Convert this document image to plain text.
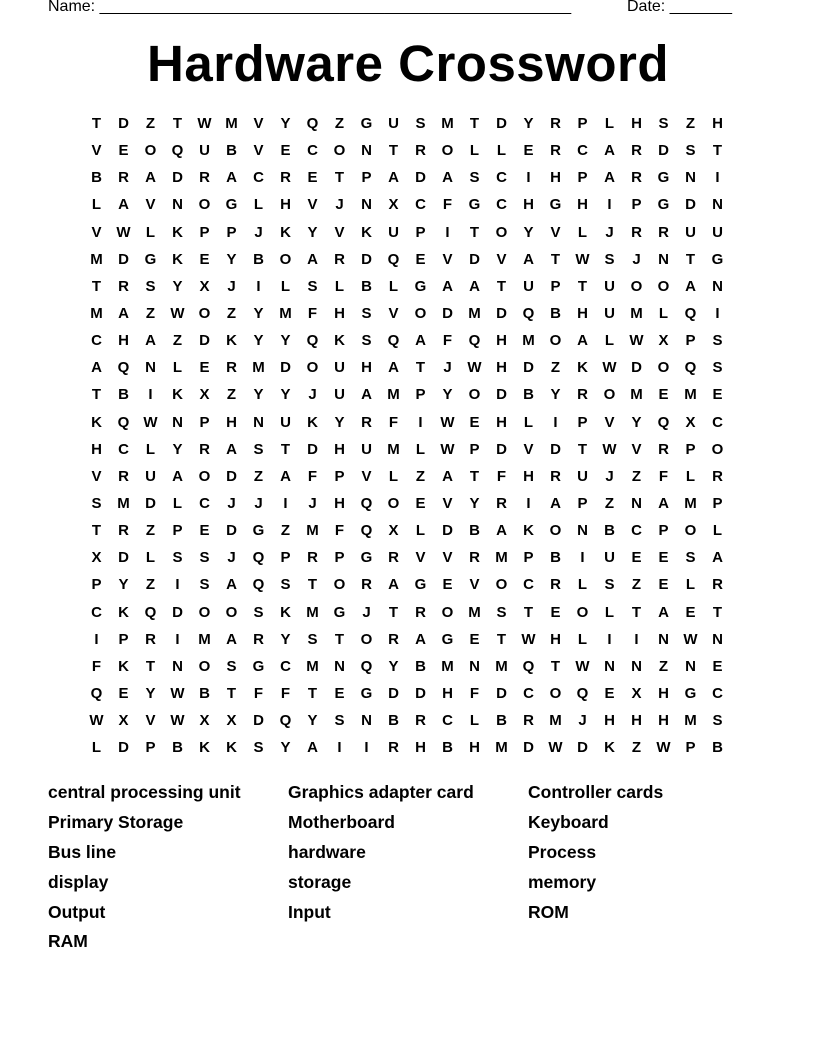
Name: _____________________________________________________	Date: _______
Hardware Crossword
T	D	Z	T	W M	V	Y	Q	Z	G	U	S	M	T	D	Y	R	P	L	H	S	Z	H
V	E	O	Q	U	B	V	E	C	O	N	T	R	O	L	L	E	R	C	A	R	D	S	T
B	R	A	D	R	A	C	R	E	T	P	A	D	A	S	C	I	H	P	A	R	G	N	I
L	A	V	N	O	G	L	H	V	J	N	X	C	F	G	C	H	G	H	I	P	G	D	N
V W	L	K	P	P	J	K	Y	V	K	U	P	I	T	O	Y	V	L	J	R	R	U	U
M	D	G	K	E	Y	B	O	A	R	D	Q	E	V	D	V	A	T	W S	J	N	T	G
T	R	S	Y	X	J	I	L	S	L	B	L	G	A	A	T	U	P	T	U	O	O	A	N
M	A	Z	W O	Z	Y	M	F	H	S	V	O	D	M	D	Q	B	H	U	M	L	Q	I
C	H	A	Z	D	K	Y	Y	Q	K	S	Q	A	F	Q	H	M O	A	L	W X	P	S
A	Q	N	L	E	R	M	D	O	U	H	A	T	J	W H	D	Z	K W D	O	Q	S
T	B	I	K	X	Z	Y	Y	J	U	A	M	P	Y	O	D	B	Y	R	O M	E	M	E
K	Q W N	P	H	N	U	K	Y	R	F	I	W E	H	L	I	P	V	Y	Q	X	C
H	C	L	Y	R	A	S	T	D	H	U	M	L	W P	D	V	D	T	W V	R	P	O
V	R	U	A	O	D	Z	A	F	P	V	L	Z	A	T	F	H	R	U	J	Z	F	L	R
S	M	D	L	C	J	J	I	J	H	Q	O	E	V	Y	R	I	A	P	Z	N	A	M	P
T	R	Z	P	E	D	G	Z	M	F	Q	X	L	D	B	A	K	O	N	B	C	P	O	L
X	D	L	S	S	J	Q	P	R	P	G	R	V	V	R	M	P	B	I	U	E	E	S	A
P	Y	Z	I	S	A	Q	S	T	O	R	A	G	E	V	O	C	R	L	S	Z	E	L	R
C	K	Q	D	O	O	S	K	M G	J	T	R	O M	S	T	E	O	L	T	A	E	T
I	P	R	I	M	A	R	Y	S	T	O	R	A	G	E	T	W H	L	I	I	N W N
F	K	T	N	O	S	G	C	M	N	Q	Y	B	M	N	M Q	T	W N	N	Z	N	E
Q	E	Y W B	T	F	F	T	E	G	D	D	H	F	D	C	O	Q	E	X	H	G	C
W X	V W X	X	D	Q	Y	S	N	B	R	C	L	B	R	M	J	H	H	H	M	S
L	D	P	B	K	K	S	Y	A	I	I	R	H	B	H	M	D W D	K	Z	W P	B
central processing unit	Graphics adapter card	Controller cards
Primary Storage	Motherboard	Keyboard
Bus line	hardware	Process
display	storage	memory
Output	Input	ROM
RAM
